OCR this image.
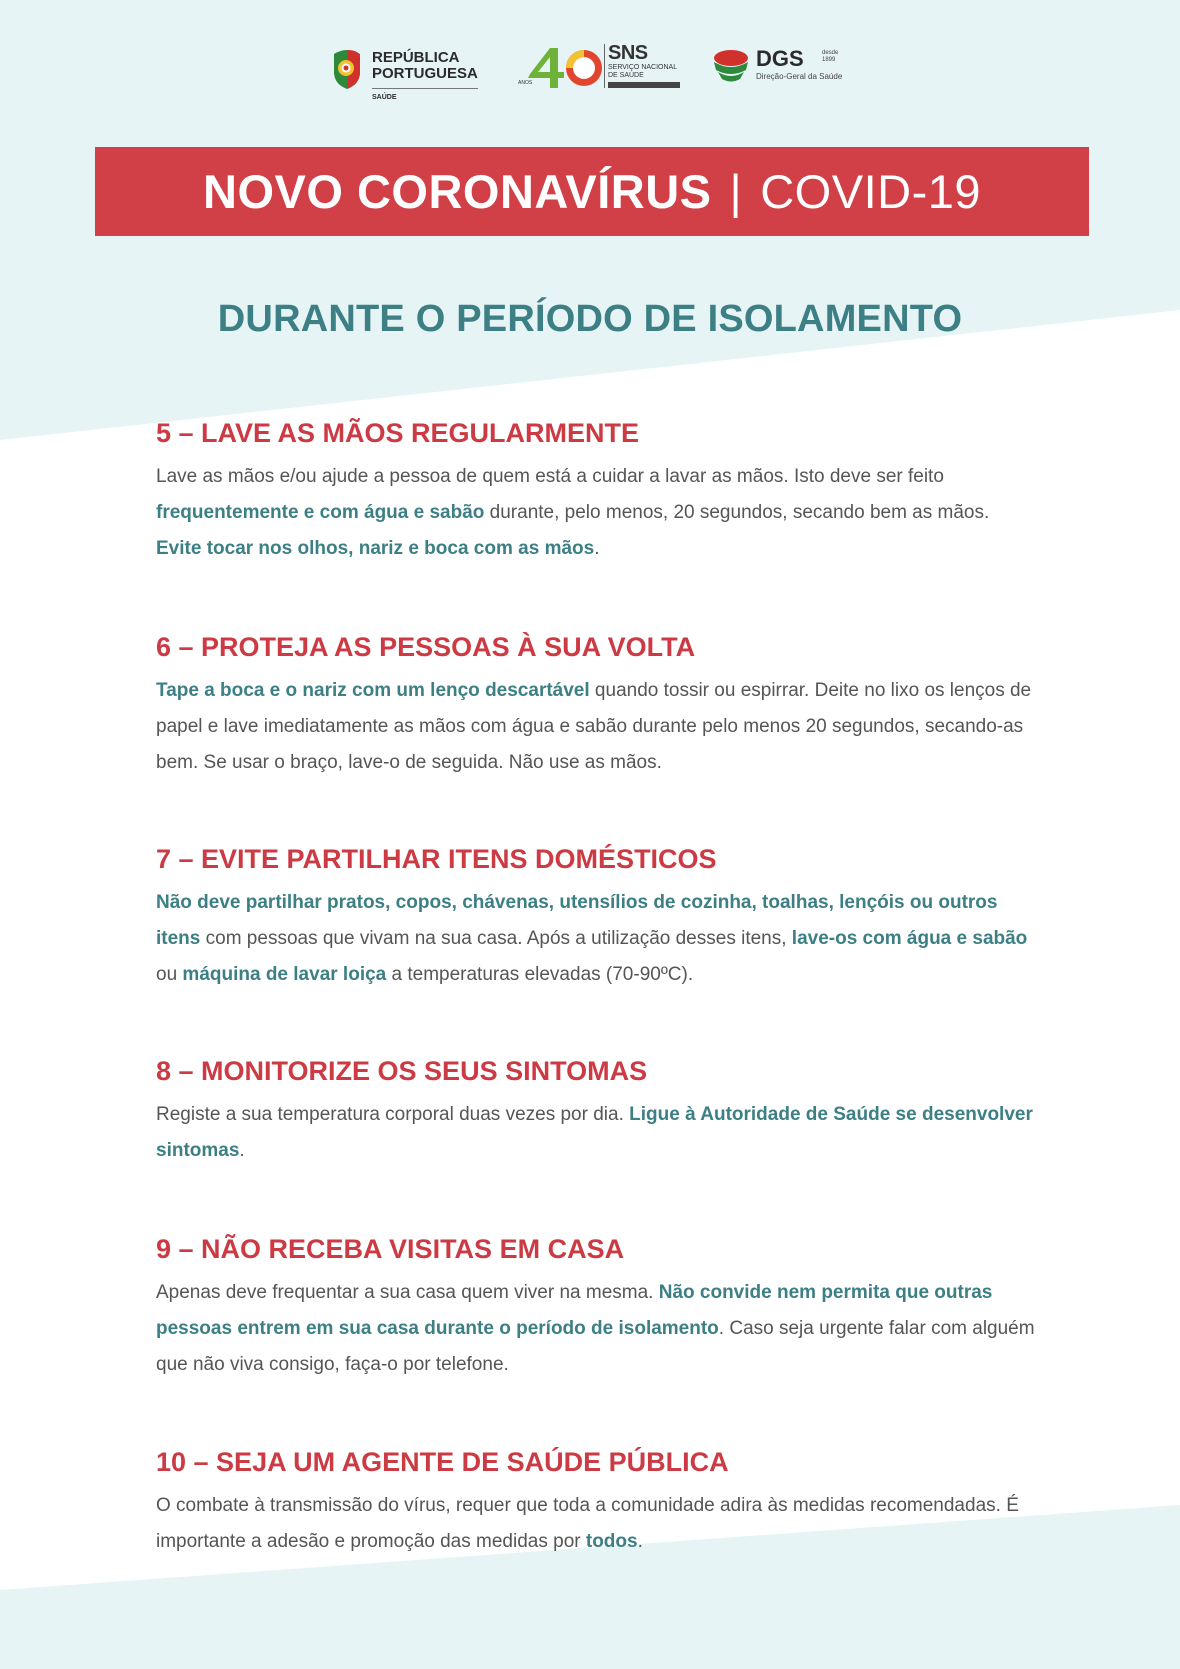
REPÚBLICA
PORTUGUESA
SAÚDE
ANOS
SNS
SERVIÇO NACIONAL
DE SAÚDE
DGS	desde
1899
Direção-Geral da Saúde
NOVO CORONAVÍRUS | COVID-19
DURANTE O PERÍODO DE ISOLAMENTO
5 – LAVE AS MÃOS REGULARMENTE

Lave as mãos e/ou ajude a pessoa de quem está a cuidar a lavar as mãos. Isto deve ser feito frequentemente e com água e sabão durante, pelo menos, 20 segundos, secando bem as mãos. Evite tocar nos olhos, nariz e boca com as mãos.

6 – PROTEJA AS PESSOAS À SUA VOLTA

Tape a boca e o nariz com um lenço descartável quando tossir ou espirrar. Deite no lixo os lenços de papel e lave imediatamente as mãos com água e sabão durante pelo menos 20 segundos, secando-as bem. Se usar o braço, lave-o de seguida. Não use as mãos.

7 – EVITE PARTILHAR ITENS DOMÉSTICOS

Não deve partilhar pratos, copos, chávenas, utensílios de cozinha, toalhas, lençóis ou outros itens com pessoas que vivam na sua casa. Após a utilização desses itens, lave-os com água e sabão ou máquina de lavar loiça a temperaturas elevadas (70-90ºC).

8 – MONITORIZE OS SEUS SINTOMAS

Registe a sua temperatura corporal duas vezes por dia. Ligue à Autoridade de Saúde se desenvolver sintomas.

9 – NÃO RECEBA VISITAS EM CASA

Apenas deve frequentar a sua casa quem viver na mesma. Não convide nem permita que outras pessoas entrem em sua casa durante o período de isolamento. Caso seja urgente falar com alguém que não viva consigo, faça-o por telefone.

10 – SEJA UM AGENTE DE SAÚDE PÚBLICA

O combate à transmissão do vírus, requer que toda a comunidade adira às medidas recomendadas. É importante a adesão e promoção das medidas por todos.
